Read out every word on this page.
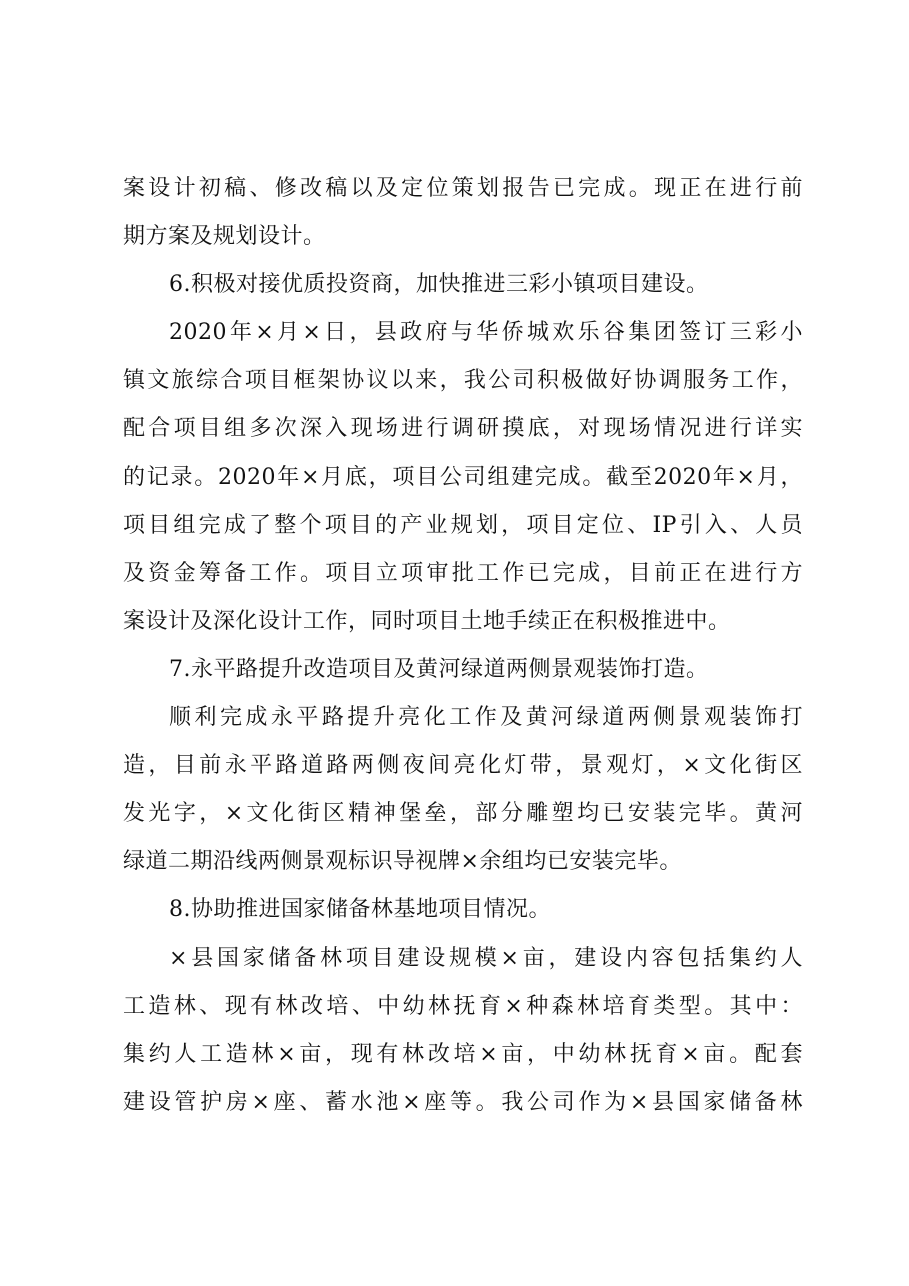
案设计初稿、修改稿以及定位策划报告已完成。现正在进行前
期方案及规划设计。
6.积极对接优质投资商，加快推进三彩小镇项目建设。
2020年×月×日，县政府与华侨城欢乐谷集团签订三彩小
镇文旅综合项目框架协议以来，我公司积极做好协调服务工作，
配合项目组多次深入现场进行调研摸底，对现场情况进行详实
的记录。2020年×月底，项目公司组建完成。截至2020年×月，
项目组完成了整个项目的产业规划，项目定位、IP引入、人员
及资金筹备工作。项目立项审批工作已完成，目前正在进行方
案设计及深化设计工作，同时项目土地手续正在积极推进中。
7.永平路提升改造项目及黄河绿道两侧景观装饰打造。
顺利完成永平路提升亮化工作及黄河绿道两侧景观装饰打
造，目前永平路道路两侧夜间亮化灯带，景观灯，×文化街区
发光字，×文化街区精神堡垒，部分雕塑均已安装完毕。黄河
绿道二期沿线两侧景观标识导视牌×余组均已安装完毕。
8.协助推进国家储备林基地项目情况。
×县国家储备林项目建设规模×亩，建设内容包括集约人
工造林、现有林改培、中幼林抚育×种森林培育类型。其中：
集约人工造林×亩，现有林改培×亩，中幼林抚育×亩。配套
建设管护房×座、蓄水池×座等。我公司作为×县国家储备林
